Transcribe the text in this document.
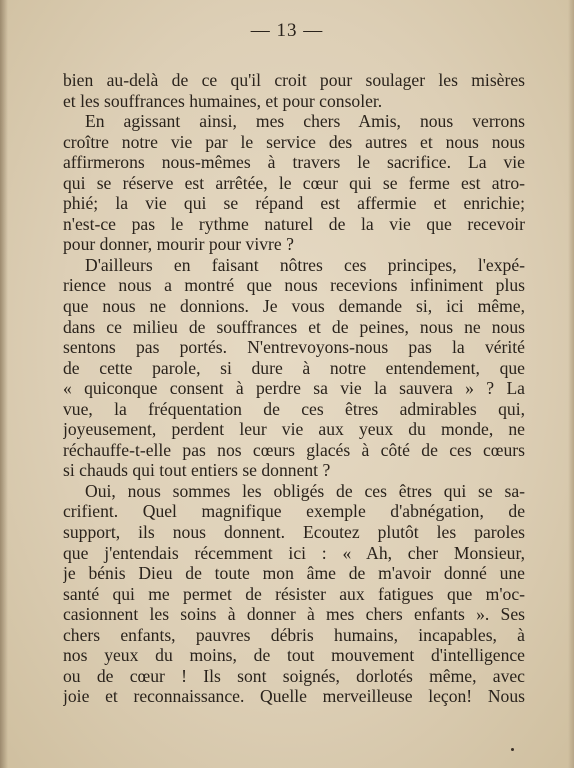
— 13 —
bien au-delà de ce qu'il croit pour soulager les misères
et les souffrances humaines, et pour consoler.
En agissant ainsi, mes chers Amis, nous verrons
croître notre vie par le service des autres et nous nous
affirmerons nous-mêmes à travers le sacrifice. La vie
qui se réserve est arrêtée, le cœur qui se ferme est atro-
phié; la vie qui se répand est affermie et enrichie;
n'est-ce pas le rythme naturel de la vie que recevoir
pour donner, mourir pour vivre ?
D'ailleurs en faisant nôtres ces principes, l'expé-
rience nous a montré que nous recevions infiniment plus
que nous ne donnions. Je vous demande si, ici même,
dans ce milieu de souffrances et de peines, nous ne nous
sentons pas portés. N'entrevoyons-nous pas la vérité
de cette parole, si dure à notre entendement, que
« quiconque consent à perdre sa vie la sauvera » ? La
vue, la fréquentation de ces êtres admirables qui,
joyeusement, perdent leur vie aux yeux du monde, ne
réchauffe-t-elle pas nos cœurs glacés à côté de ces cœurs
si chauds qui tout entiers se donnent ?
Oui, nous sommes les obligés de ces êtres qui se sa-
crifient. Quel magnifique exemple d'abnégation, de
support, ils nous donnent. Ecoutez plutôt les paroles
que j'entendais récemment ici : « Ah, cher Monsieur,
je bénis Dieu de toute mon âme de m'avoir donné une
santé qui me permet de résister aux fatigues que m'oc-
casionnent les soins à donner à mes chers enfants ». Ses
chers enfants, pauvres débris humains, incapables, à
nos yeux du moins, de tout mouvement d'intelligence
ou de cœur ! Ils sont soignés, dorlotés même, avec
joie et reconnaissance. Quelle merveilleuse leçon! Nous
